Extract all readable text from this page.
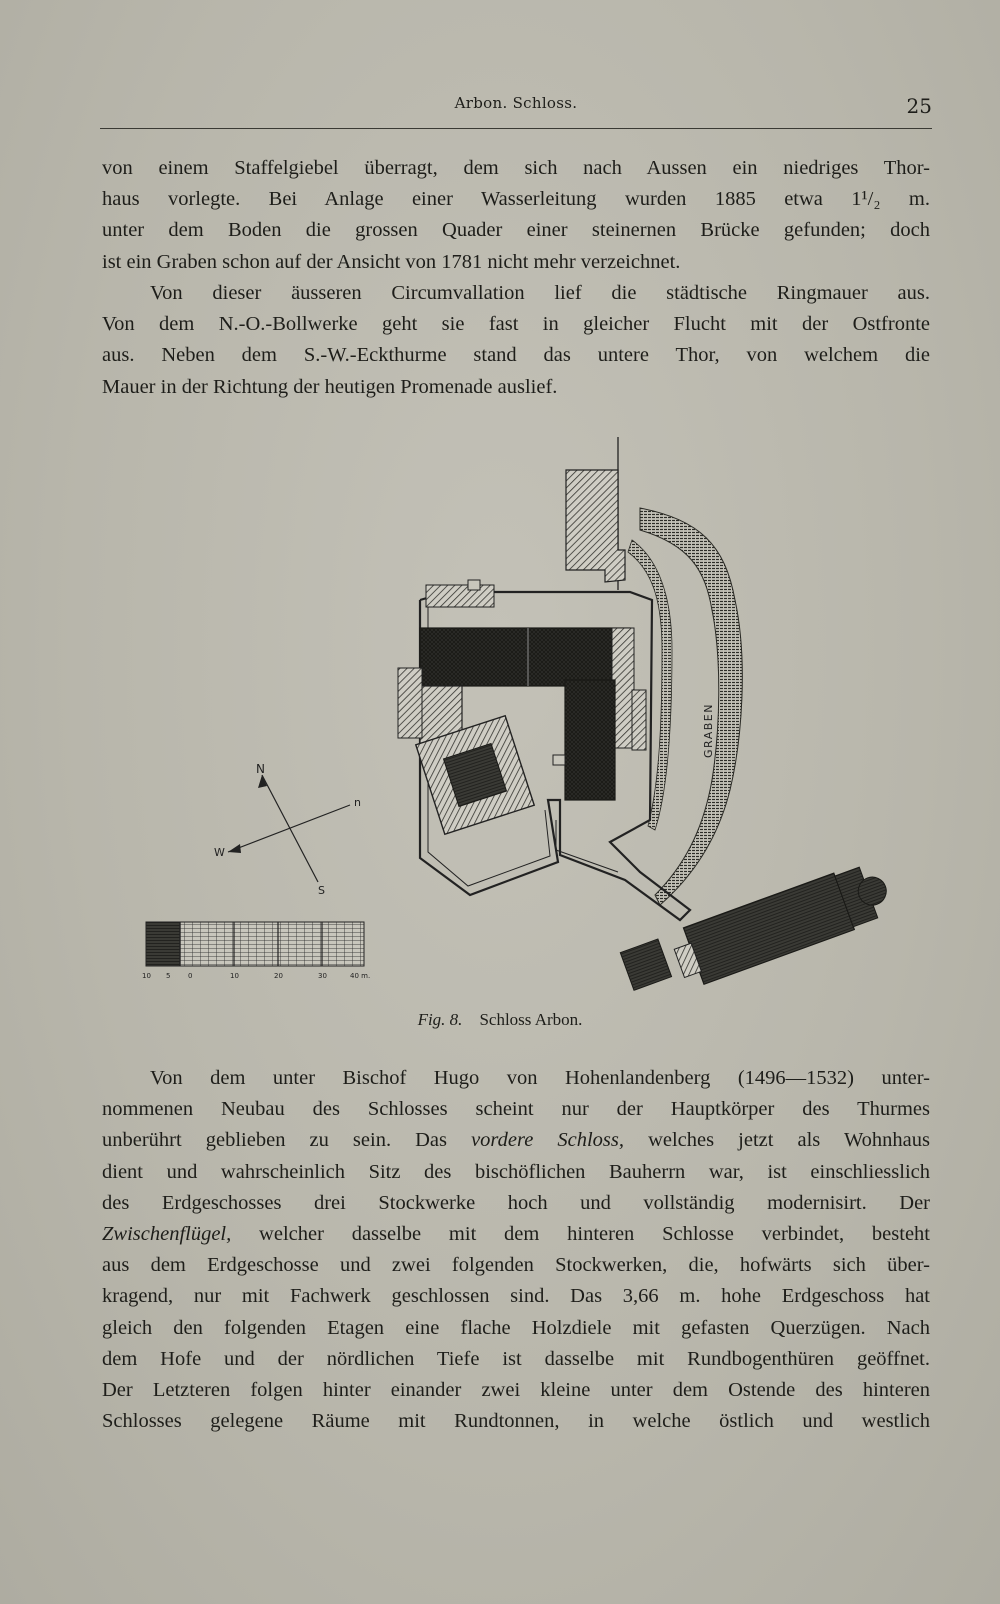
Arbon. Schloss.	25
von einem Staffelgiebel überragt, dem sich nach Aussen ein niedriges Thor-
haus vorlegte. Bei Anlage einer Wasserleitung wurden 1885 etwa 1¹/₂ m.
unter dem Boden die grossen Quader einer steinernen Brücke gefunden; doch
ist ein Graben schon auf der Ansicht von 1781 nicht mehr verzeichnet.
Von dieser äusseren Circumvallation lief die städtische Ringmauer aus.
Von dem N.-O.-Bollwerke geht sie fast in gleicher Flucht mit der Ostfronte
aus. Neben dem S.-W.-Eckthurme stand das untere Thor, von welchem die
Mauer in der Richtung der heutigen Promenade auslief.
GRABEN
N
S
W
n
10 5	0	10	20	30	40 m.
Fig. 8. Schloss Arbon.
Von dem unter Bischof Hugo von Hohenlandenberg (1496—1532) unter-
nommenen Neubau des Schlosses scheint nur der Hauptkörper des Thurmes
unberührt geblieben zu sein. Das vordere Schloss, welches jetzt als Wohnhaus
dient und wahrscheinlich Sitz des bischöflichen Bauherrn war, ist einschliesslich
des Erdgeschosses drei Stockwerke hoch und vollständig modernisirt. Der
Zwischenflügel, welcher dasselbe mit dem hinteren Schlosse verbindet, besteht
aus dem Erdgeschosse und zwei folgenden Stockwerken, die, hofwärts sich über-
kragend, nur mit Fachwerk geschlossen sind. Das 3,66 m. hohe Erdgeschoss hat
gleich den folgenden Etagen eine flache Holzdiele mit gefasten Querzügen. Nach
dem Hofe und der nördlichen Tiefe ist dasselbe mit Rundbogenthüren geöffnet.
Der Letzteren folgen hinter einander zwei kleine unter dem Ostende des hinteren
Schlosses gelegene Räume mit Rundtonnen, in welche östlich und westlich
